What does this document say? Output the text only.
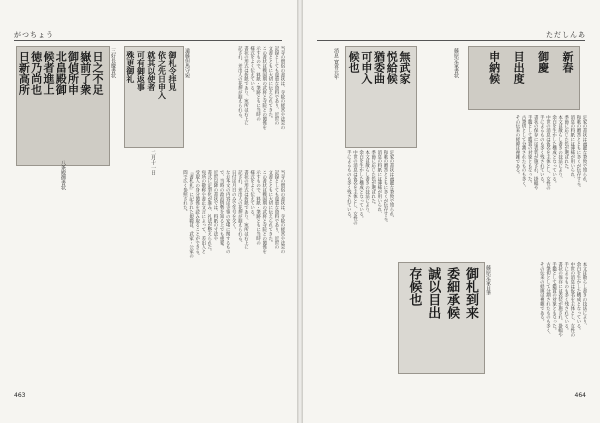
がつちょう
日之不足
嶽前了衆
御偵所申
北畠殿御
候者進上
徳乃尚也
日新高所	三好長慶書状	御札令拝見
依之先日申入
就其以使者
可有御返事
殊更御礼	遠藤但馬守宛	当寺の僧侶の書状は、寺院の経営や法会の
記録としても貴重な資料であり、近世の
文書とともに大切に伝えられてきた。
この書状は戦国期の武将と寺院との関係を
示すもので、料紙・筆跡ともに当時の
様式をよく伝えている。
書状の形式は折紙であり、宛所は右上に
記され、差出人の花押が据えられる。
当寺の僧侶の書状は、寺院の経営や法会の
記録としても貴重な資料であり、近世の
文書とともに大切に伝えられてきた。
この書状は戦国期の武将と寺院との関係を
示すもので、料紙・筆跡ともに当時の
様式をよく伝えている。
書状の形式は折紙であり、宛所は右上に
記され、差出人の花押が据えられる。
日付は月日のみで年号を欠く。
なお本文の内容は寺領の安堵に関するもの
で、当時の政治情勢を知る上でも重要。
近世以降の書状では、料紙の寸法や
書式に定型化が進み、礼法が整えられた。
宛所の敬称や書止文言によって、差出人と
受取人の身分関係を読み取ることができる。
『書札礼』に記された規範は、武家・公家の
間で広く参照された。
二月十一日
八条殿御書状
463
ただしんあ
無武家
悦給候
猶委曲
可申入
候也
消息 寛喜元年	新春
御慶
目出度
申納候
藤原定家書状
御札到来
委細承候
誠以目出
存候也	藤原定家自筆
定家の書状は流麗な筆致で知られ、
和歌の贈答とともに多くが伝存する。
消息の料紙には薄様が用いられ、
季節に応じた色が選ばれた。
本文は散らし書きの技法により、
余白を生かした構成となっている。
中世の消息は仮名を主体とし、女性の
手によるものも多く残されている。
書状の保存には表装が施され、掛幅や
手鑑として鑑賞の対象ともなった。
古筆切として分割されたものも多く、
その伝来の経緯は複雑である。
定家の書状は流麗な筆致で知られ、
和歌の贈答とともに多くが伝存する。
消息の料紙には薄様が用いられ、
季節に応じた色が選ばれた。
本文は散らし書きの技法により、
余白を生かした構成となっている。
中世の消息は仮名を主体とし、女性の
手によるものも多く残されている。
本文は散らし書きの技法により、
余白を生かした構成となっている。
中世の消息は仮名を主体とし、女性の
手によるものも多く残されている。
書状の保存には表装が施され、掛幅や
手鑑として鑑賞の対象ともなった。
古筆切として分割されたものも多く、
その伝来の経緯は複雑である。
464
